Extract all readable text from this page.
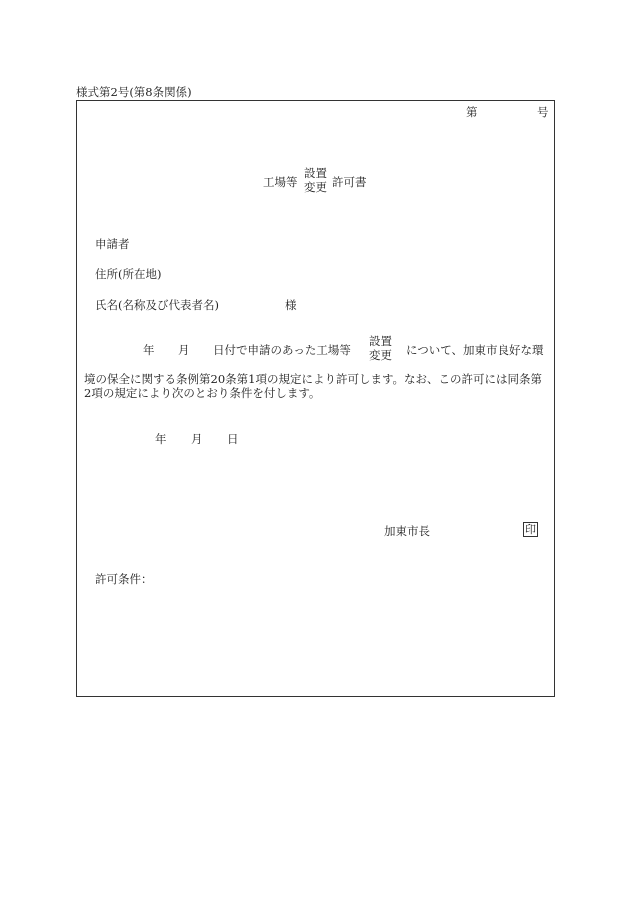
様式第2号(第8条関係)
第	号
工場等
設置
変更 許可書
申請者
住所(所在地)
氏名(名称及び代表者名)	様
年 月 日付で申請のあった工場等
設置
変更 について、加東市良好な環
境の保全に関する条例第20条第1項の規定により許可します。なお、この許可には同条第
2項の規定により次のとおり条件を付します。
年 月 日
加東市長	印
許可条件：
